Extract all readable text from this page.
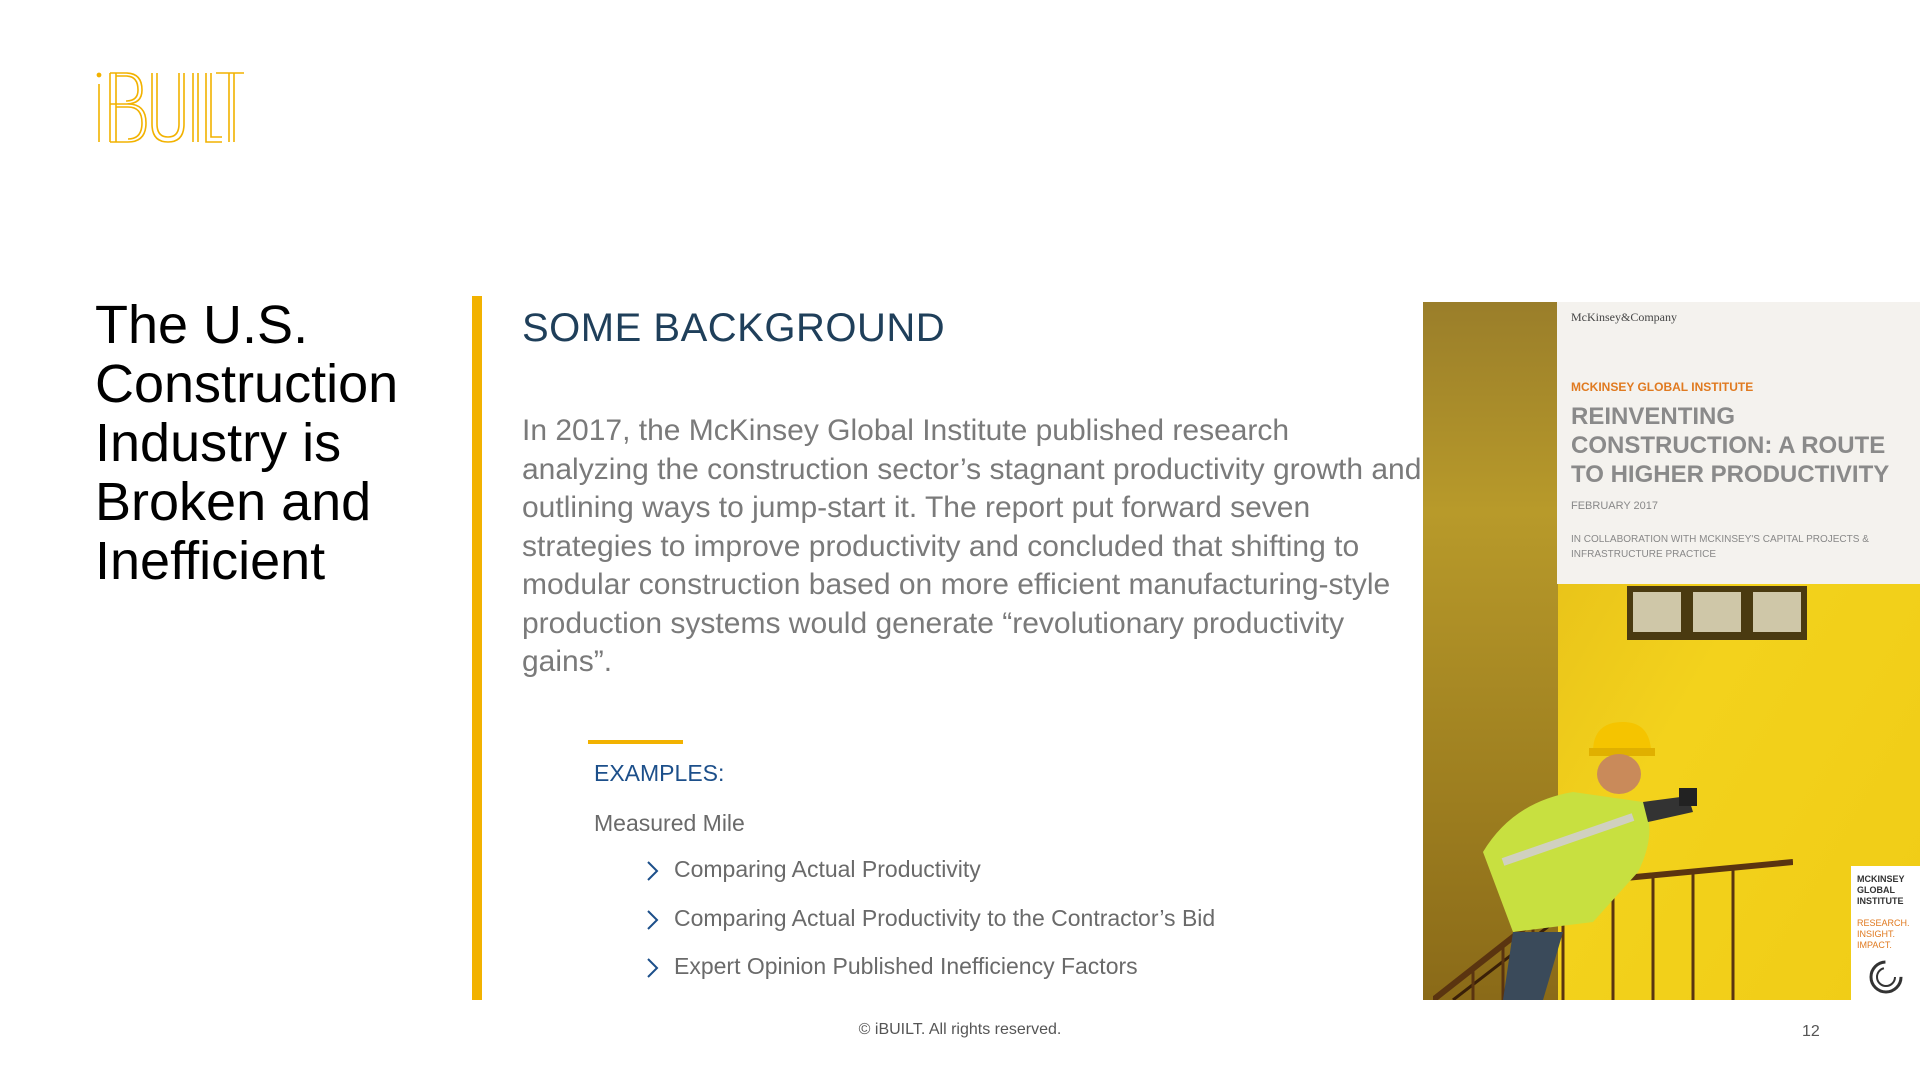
The U.S. Construction Industry is Broken and Inefficient
SOME BACKGROUND
In 2017, the McKinsey Global Institute published research analyzing the construction sector’s stagnant productivity growth and outlining ways to jump-start it. The report put forward seven strategies to improve productivity and concluded that shifting to modular construction based on more efficient manufacturing-style production systems would generate “revolutionary productivity gains”.
EXAMPLES:
Measured Mile
Comparing Actual Productivity
Comparing Actual Productivity to the Contractor’s Bid
Expert Opinion Published Inefficiency Factors
McKinsey&Company
MCKINSEY GLOBAL INSTITUTE
REINVENTING CONSTRUCTION: A ROUTE TO HIGHER PRODUCTIVITY
FEBRUARY 2017
IN COLLABORATION WITH MCKINSEY'S CAPITAL PROJECTS & INFRASTRUCTURE PRACTICE
MCKINSEY GLOBAL INSTITUTE
RESEARCH. INSIGHT. IMPACT.
© iBUILT. All rights reserved.	12
